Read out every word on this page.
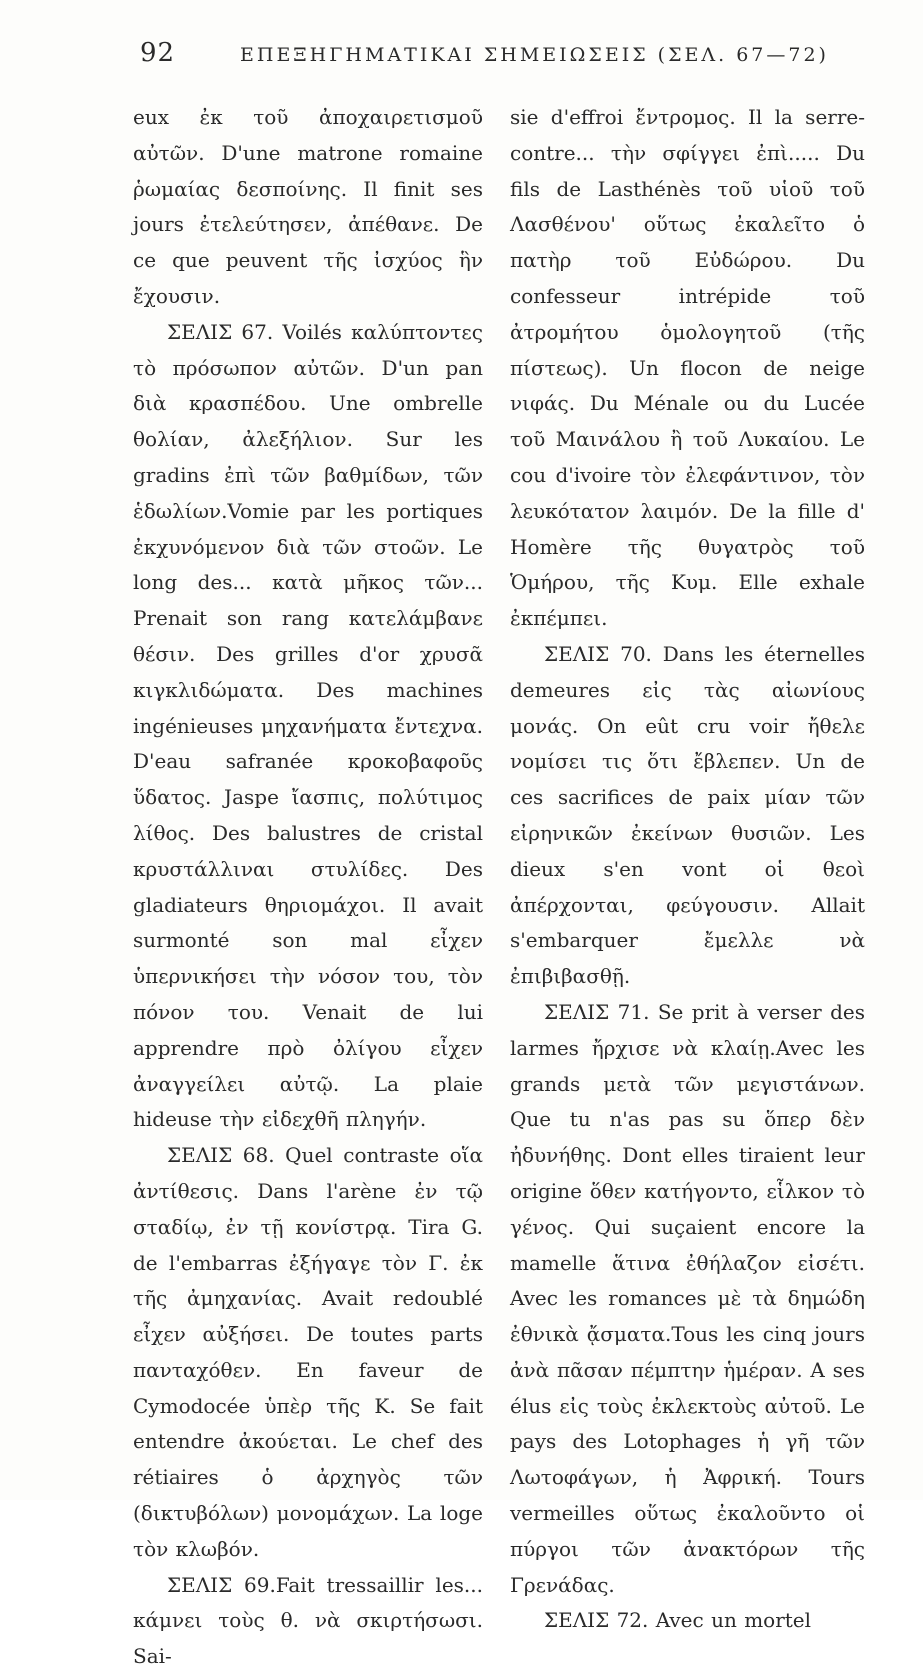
92	ΕΠΕΞΗΓΗΜΑΤΙΚΑΙ ΣΗΜΕΙΩΣΕΙΣ (ΣΕΛ. 67—72)

eux ἐκ τοῦ ἀποχαιρετισμοῦ αὐτῶν. D'une matrone romaine ῥωμαίας δεσποίνης. Il finit ses jours ἐτελεύτησεν, ἀπέθανε. De ce que peuvent τῆς ἰσχύος ἣν ἔχουσιν.

ΣΕΛΙΣ 67. Voilés καλύπτοντες τὸ πρόσωπον αὐτῶν. D'un pan διὰ κρασπέδου. Une ombrelle θολίαν, ἀλεξήλιον. Sur les gradins ἐπὶ τῶν βαθμίδων, τῶν ἑδωλίων.Vomie par les portiques ἐκχυνόμενον διὰ τῶν στοῶν. Le long des... κατὰ μῆκος τῶν... Prenait son rang κατελάμβανε θέσιν. Des grilles d'or χρυσᾶ κιγκλιδώματα. Des machines ingénieuses μηχανήματα ἔντεχνα. D'eau safranée κροκοβαφοῦς ὕδατος. Jaspe ἴασπις, πολύτιμος λίθος. Des balustres de cristal κρυστάλλιναι στυλίδες. Des gladiateurs θηριομάχοι. Il avait surmonté son mal εἶχεν ὑπερνικήσει τὴν νόσον του, τὸν πόνον του. Venait de lui apprendre πρὸ ὀλίγου εἶχεν ἀναγγείλει αὐτῷ. La plaie hideuse τὴν εἰδεχθῆ πληγήν.

ΣΕΛΙΣ 68. Quel contraste οἵα ἀντίθεσις. Dans l'arène ἐν τῷ σταδίῳ, ἐν τῇ κονίστρᾳ. Tira G. de l'embarras ἐξήγαγε τὸν Γ. ἐκ τῆς ἀμηχανίας. Avait redoublé εἶχεν αὐξήσει. De toutes parts πανταχόθεν. En faveur de Cymodocée ὑπὲρ τῆς Κ. Se fait entendre ἀκούεται. Le chef des rétiaires ὁ ἀρχηγὸς τῶν (δικτυβόλων) μονομάχων. La loge τὸν κλωβόν.

ΣΕΛΙΣ 69.Fait tressaillir les... κάμνει τοὺς θ. νὰ σκιρτήσωσι. Sai-

sie d'effroi ἔντρομος. Il la serre-contre... τὴν σφίγγει ἐπὶ..... Du fils de Lasthénès τοῦ υἱοῦ τοῦ Λασθένου' οὕτως ἐκαλεῖτο ὁ πατὴρ τοῦ Εὐδώρου. Du confesseur intrépide τοῦ ἀτρομήτου ὁμολογητοῦ (τῆς πίστεως). Un flocon de neige νιφάς. Du Ménale ou du Lucée τοῦ Μαινάλου ἢ τοῦ Λυκαίου. Le cou d'ivoire τὸν ἐλεφάντινον, τὸν λευκότατον λαιμόν. De la fille d' Homère τῆς θυγατρὸς τοῦ Ὁμήρου, τῆς Κυμ. Elle exhale ἐκπέμπει.

ΣΕΛΙΣ 70. Dans les éternelles demeures εἰς τὰς αἰωνίους μονάς. On eût cru voir ἤθελε νομίσει τις ὅτι ἔβλεπεν. Un de ces sacrifices de paix μίαν τῶν εἰρηνικῶν ἐκείνων θυσιῶν. Les dieux s'en vont οἱ θεοὶ ἀπέρχονται, φεύγουσιν. Allait s'embarquer ἔμελλε νὰ ἐπιβιβασθῇ.

ΣΕΛΙΣ 71. Se prit à verser des larmes ἤρχισε νὰ κλαίῃ.Avec les grands μετὰ τῶν μεγιστάνων. Que tu n'as pas su ὅπερ δὲν ἠδυνήθης. Dont elles tiraient leur origine ὅθεν κατήγοντο, εἷλκον τὸ γένος. Qui suçaient encore la mamelle ἅτινα ἐθήλαζον εἰσέτι. Avec les romances μὲ τὰ δημώδη ἐθνικὰ ᾄσματα.Tous les cinq jours ἀνὰ πᾶσαν πέμπτην ἡμέραν. A ses élus εἰς τοὺς ἐκλεκτοὺς αὐτοῦ. Le pays des Lotophages ἡ γῆ τῶν Λωτοφάγων, ἡ Ἀφρική. Tours vermeilles οὕτως ἐκαλοῦντο οἱ πύργοι τῶν ἀνακτόρων τῆς Γρενάδας.

ΣΕΛΙΣ 72. Avec un mortel
